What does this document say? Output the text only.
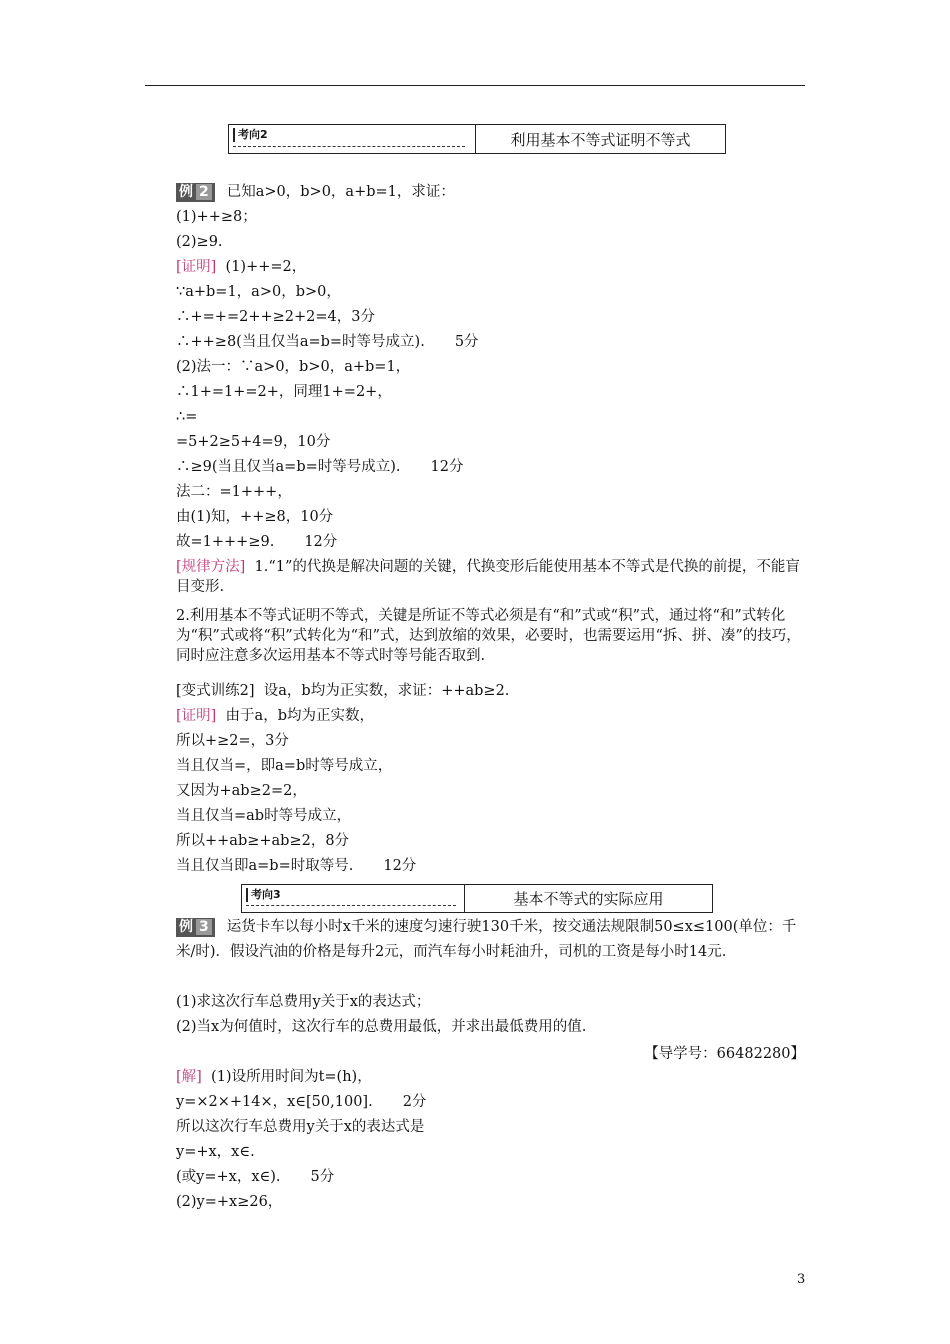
考向2	利用基本不等式证明不等式
例 2 已知a>0，b>0，a+b=1，求证：
(1)++≥8；
(2)≥9.
[证明] (1)++=2，
∵a+b=1，a>0，b>0，
∴+=+=2++≥2+2=4，3分
∴++≥8(当且仅当a=b=时等号成立). 5分
(2)法一：∵a>0，b>0，a+b=1，
∴1+=1+=2+，同理1+=2+，
∴=
=5+2≥5+4=9，10分
∴≥9(当且仅当a=b=时等号成立). 12分
法二：=1+++，
由(1)知，++≥8，10分
故=1+++≥9. 12分
[规律方法] 1.“1”的代换是解决问题的关键，代换变形后能使用基本不等式是代换的前提，不能盲目变形.
2.利用基本不等式证明不等式，关键是所证不等式必须是有“和”式或“积”式，通过将“和”式转化为“积”式或将“积”式转化为“和”式，达到放缩的效果，必要时，也需要运用“拆、拼、凑”的技巧，同时应注意多次运用基本不等式时等号能否取到.
[变式训练2] 设a，b均为正实数，求证：++ab≥2.
[证明] 由于a，b均为正实数，
所以+≥2=，3分
当且仅当=，即a=b时等号成立，
又因为+ab≥2=2，
当且仅当=ab时等号成立，
所以++ab≥+ab≥2，8分
当且仅当即a=b=时取等号. 12分
考向3	基本不等式的实际应用
例 3 运货卡车以每小时x千米的速度匀速行驶130千米，按交通法规限制50≤x≤100(单位：千米/时)．假设汽油的价格是每升2元，而汽车每小时耗油升，司机的工资是每小时14元.
(1)求这次行车总费用y关于x的表达式；
(2)当x为何值时，这次行车的总费用最低，并求出最低费用的值.
【导学号：66482280】
[解] (1)设所用时间为t=(h)，
y=×2×+14×，x∈[50,100]. 2分
所以这次行车总费用y关于x的表达式是
y=+x，x∈.
(或y=+x，x∈). 5分
(2)y=+x≥26，
3
